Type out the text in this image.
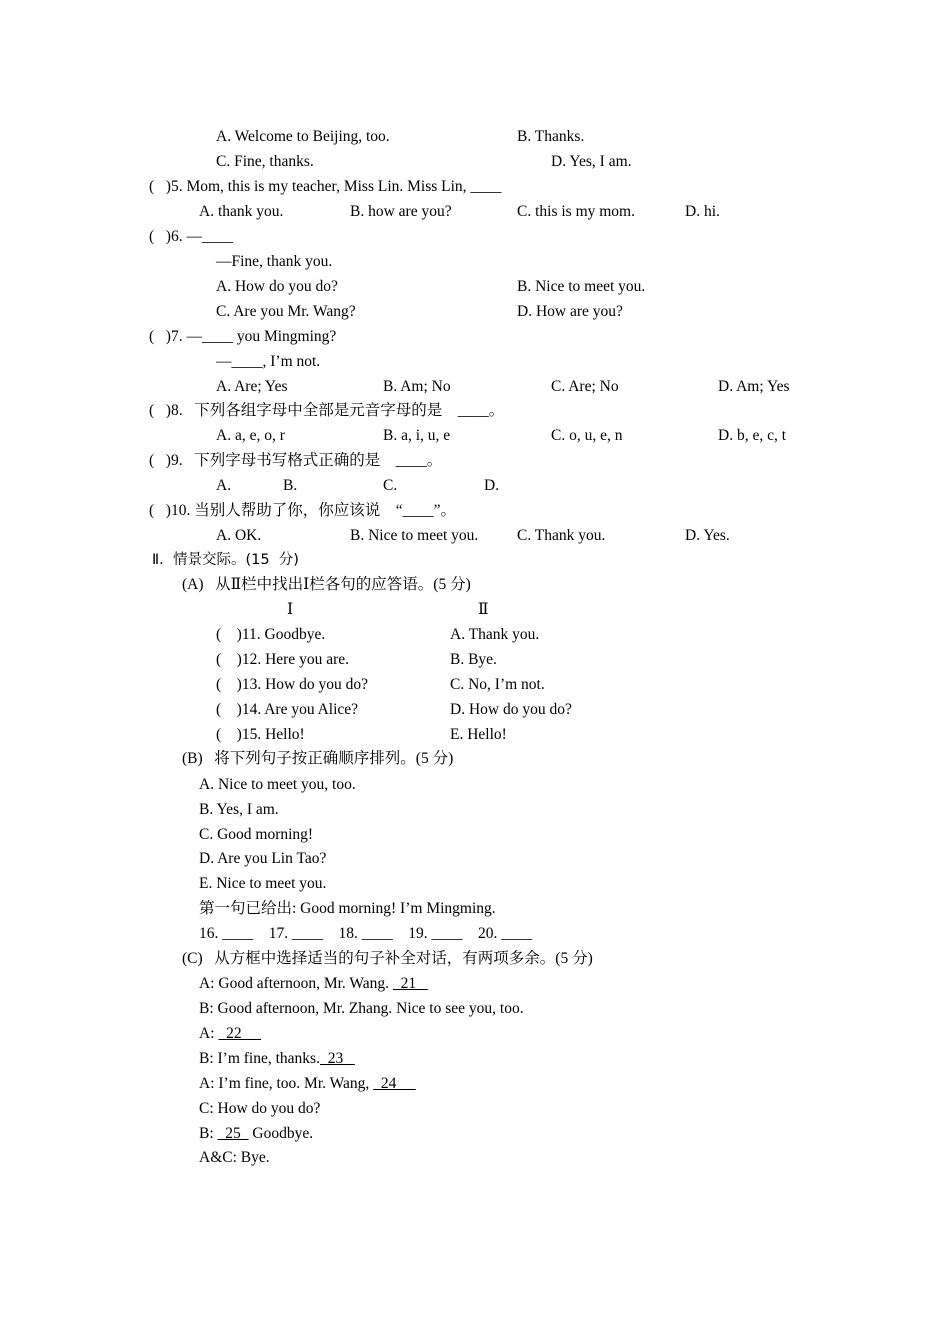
A. Welcome to Beijing, too.	B. Thanks.
C. Fine, thanks.	D. Yes, I am.
(   )5. Mom, this is my teacher, Miss Lin. Miss Lin, ____
A. thank you.	B. how are you?	C. this is my mom.	D. hi.
(   )6. —____
—Fine, thank you.
A. How do you do?	B. Nice to meet you.
C. Are you Mr. Wang?	D. How are you?
(   )7. —____ you Mingming?
—____, I’m not.
A. Are; Yes	B. Am; No	C. Are; No	D. Am; Yes
(   )8.   下列各组字母中全部是元音字母的是    ____。
A. a, e, o, r	B. a, i, u, e	C. o, u, e, n	D. b, e, c, t
(   )9.   下列字母书写格式正确的是    ____。
A.	B.	C.	D.
(   )10. 当别人帮助了你，你应该说    “____”。
A. OK.	B. Nice to meet you. C. Thank you.	D. Yes.
Ⅱ.  情景交际。(15  分)
(A)   从Ⅱ栏中找出Ⅰ栏各句的应答语。(5 分)
Ⅰ	Ⅱ
(    )11. Goodbye.	A. Thank you.
(    )12. Here you are.	B. Bye.
(    )13. How do you do?	C. No, I’m not.
(    )14. Are you Alice?	D. How do you do?
(    )15. Hello!	E. Hello!
(B)   将下列句子按正确顺序排列。(5 分)
A. Nice to meet you, too.
B. Yes, I am.
C. Good morning!
D. Are you Lin Tao?
E. Nice to meet you.
第一句已给出: Good morning! I’m Mingming.
16. ____    17. ____    18. ____    19. ____    20. ____
(C)   从方框中选择适当的句子补全对话，有两项多余。(5 分)
A: Good afternoon, Mr. Wang.   21
B: Good afternoon, Mr. Zhang. Nice to see you, too.
A:   22
B: I’m fine, thanks.  23
A: I’m fine, too. Mr. Wang,   24
C: How do you do?
B:   25   Goodbye.
A&C: Bye.
